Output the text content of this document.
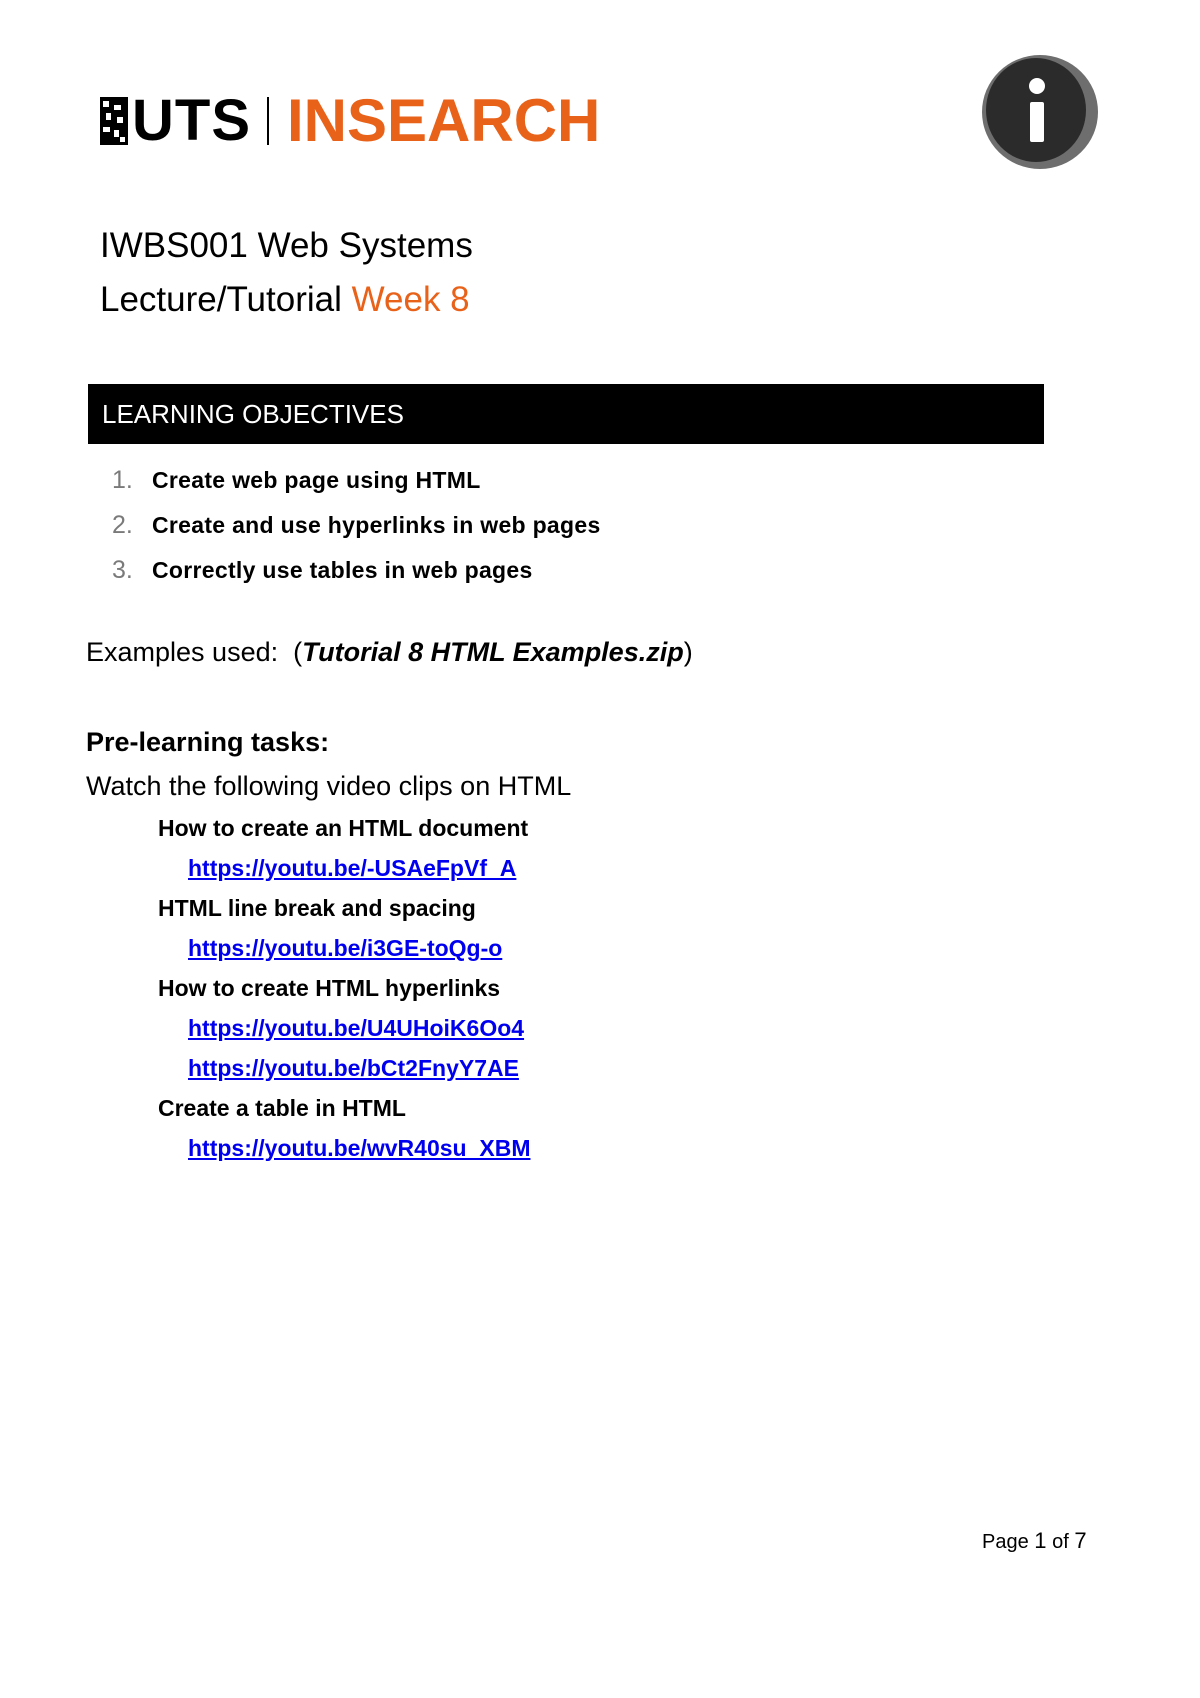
UTS INSEARCH
IWBS001 Web Systems
Lecture/Tutorial Week 8
LEARNING OBJECTIVES
1. Create web page using HTML
2. Create and use hyperlinks in web pages
3. Correctly use tables in web pages
Examples used: (Tutorial 8 HTML Examples.zip)
Pre-learning tasks:
Watch the following video clips on HTML
How to create an HTML document
https://youtu.be/-USAeFpVf_A
HTML line break and spacing
https://youtu.be/i3GE-toQg-o
How to create HTML hyperlinks
https://youtu.be/U4UHoiK6Oo4
https://youtu.be/bCt2FnyY7AE
Create a table in HTML
https://youtu.be/wvR40su_XBM
Page 1 of 7
